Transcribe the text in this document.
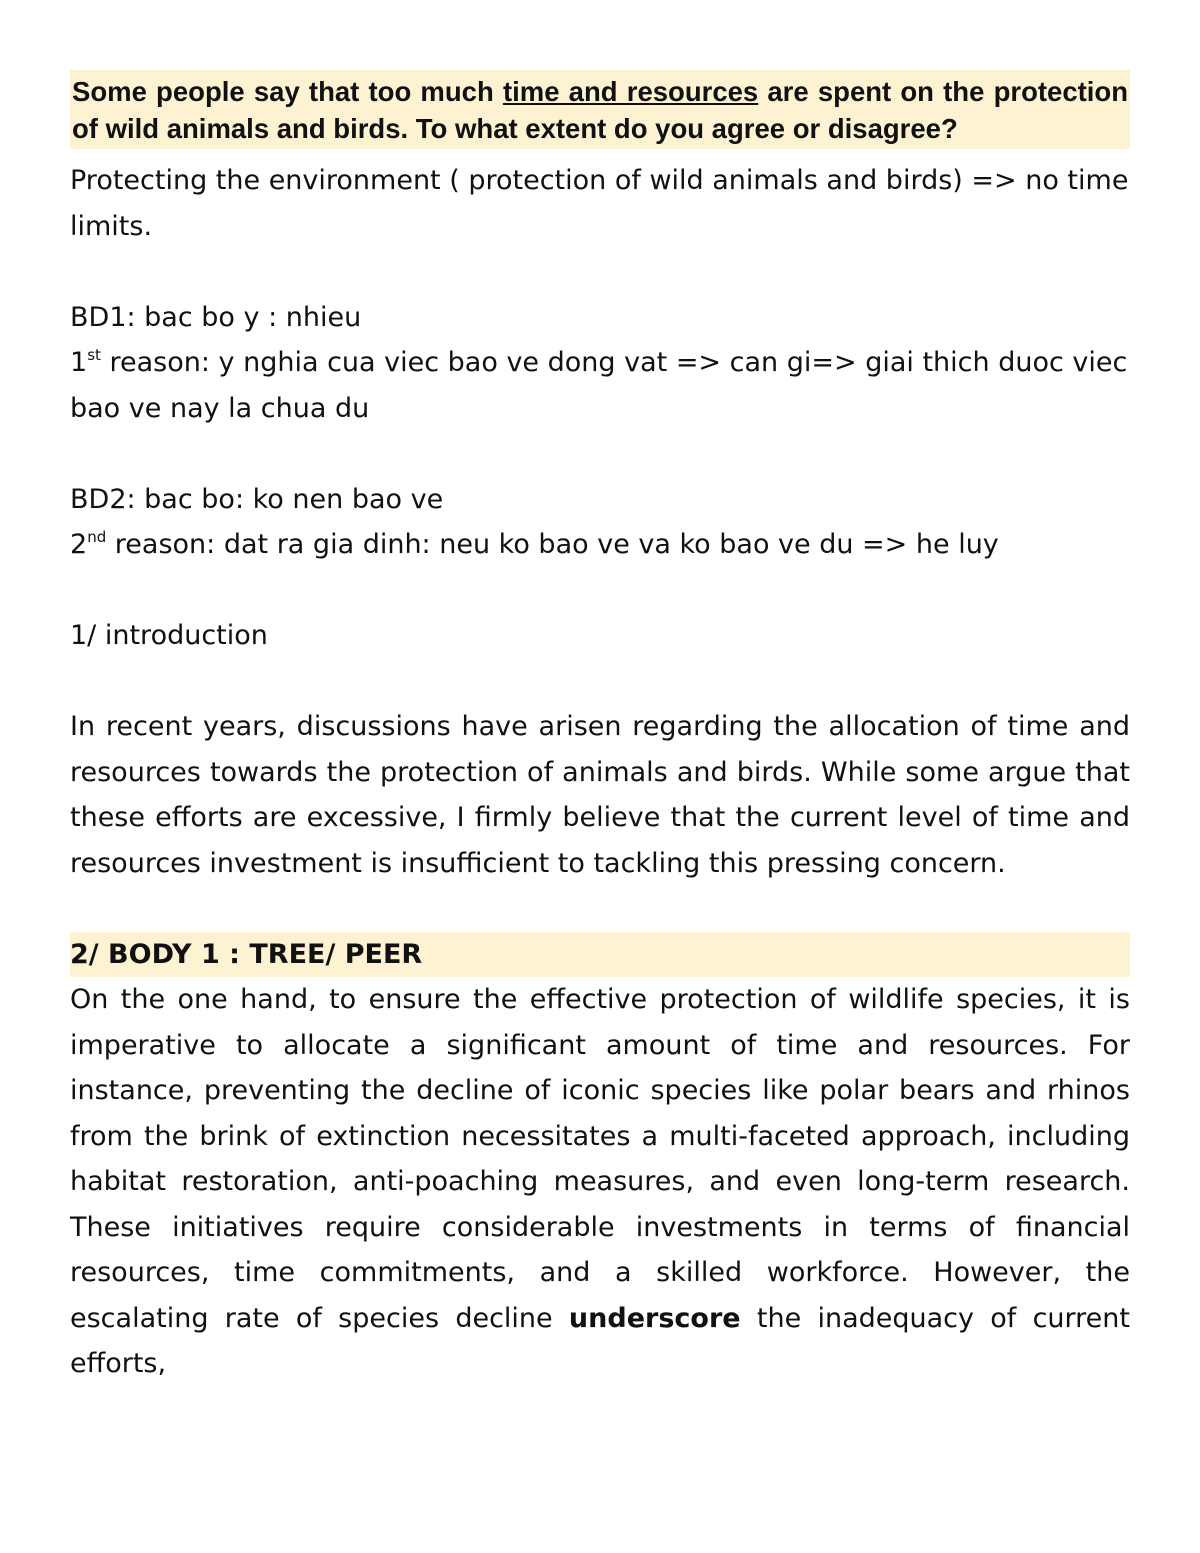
Some people say that too much time and resources are spent on the protection of wild animals and birds. To what extent do you agree or disagree?

Protecting the environment ( protection of wild animals and birds) => no time limits.

BD1: bac bo y : nhieu

1st reason: y nghia cua viec bao ve dong vat => can gi=> giai thich duoc viec bao ve nay la chua du

BD2: bac bo: ko nen bao ve

2nd reason: dat ra gia dinh: neu ko bao ve va ko bao ve du => he luy

1/ introduction

In recent years, discussions have arisen regarding the allocation of time and resources towards the protection of animals and birds. While some argue that these efforts are excessive, I firmly believe that the current level of time and resources investment is insufficient to tackling this pressing concern.

2/ BODY 1 : TREE/ PEER

On the one hand, to ensure the effective protection of wildlife species, it is imperative to allocate a significant amount of time and resources. For instance, preventing the decline of iconic species like polar bears and rhinos from the brink of extinction necessitates a multi-faceted approach, including habitat restoration, anti-poaching measures, and even long-term research. These initiatives require considerable investments in terms of financial resources, time commitments, and a skilled workforce. However, the escalating rate of species decline underscore the inadequacy of current efforts,
